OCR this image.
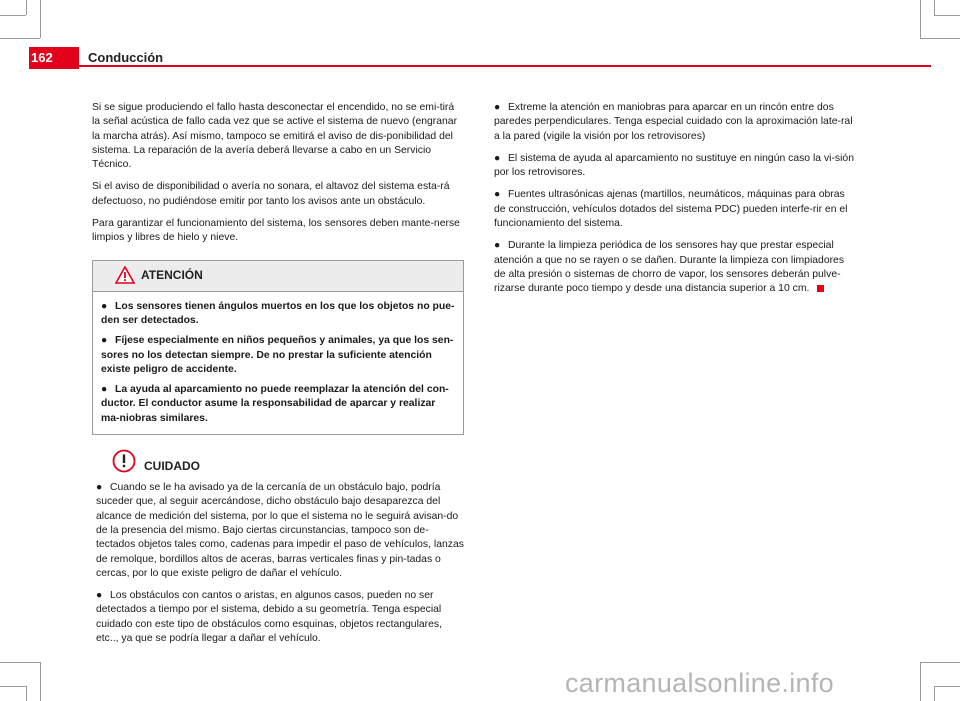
162	Conducción

Si se sigue produciendo el fallo hasta desconectar el encendido, no se emi-tirá la señal acústica de fallo cada vez que se active el sistema de nuevo (engranar la marcha atrás). Así mismo, tampoco se emitirá el aviso de dis-ponibilidad del sistema. La reparación de la avería deberá llevarse a cabo en un Servicio Técnico.

Si el aviso de disponibilidad o avería no sonara, el altavoz del sistema esta-rá defectuoso, no pudiéndose emitir por tanto los avisos ante un obstáculo.

Para garantizar el funcionamiento del sistema, los sensores deben mante-nerse limpios y libres de hielo y nieve.

ATENCIÓN

● Los sensores tienen ángulos muertos en los que los objetos no pue-den ser detectados.

● Fíjese especialmente en niños pequeños y animales, ya que los sen-sores no los detectan siempre. De no prestar la suficiente atención existe peligro de accidente.

● La ayuda al aparcamiento no puede reemplazar la atención del con-ductor. El conductor asume la responsabilidad de aparcar y realizar ma-niobras similares.

CUIDADO

● Cuando se le ha avisado ya de la cercanía de un obstáculo bajo, podría suceder que, al seguir acercándose, dicho obstáculo bajo desaparezca del alcance de medición del sistema, por lo que el sistema no le seguirá avisan-do de la presencia del mismo. Bajo ciertas circunstancias, tampoco son de-tectados objetos tales como, cadenas para impedir el paso de vehículos, lanzas de remolque, bordillos altos de aceras, barras verticales finas y pin-tadas o cercas, por lo que existe peligro de dañar el vehículo.

● Los obstáculos con cantos o aristas, en algunos casos, pueden no ser detectados a tiempo por el sistema, debido a su geometría. Tenga especial cuidado con este tipo de obstáculos como esquinas, objetos rectangulares, etc.., ya que se podría llegar a dañar el vehículo.

● Extreme la atención en maniobras para aparcar en un rincón entre dos paredes perpendiculares. Tenga especial cuidado con la aproximación late-ral a la pared (vigile la visión por los retrovisores)

● El sistema de ayuda al aparcamiento no sustituye en ningún caso la vi-sión por los retrovisores.

● Fuentes ultrasónicas ajenas (martillos, neumáticos, máquinas para obras de construcción, vehículos dotados del sistema PDC) pueden interfe-rir en el funcionamiento del sistema.

● Durante la limpieza periódica de los sensores hay que prestar especial atención a que no se rayen o se dañen. Durante la limpieza con limpiadores de alta presión o sistemas de chorro de vapor, los sensores deberán pulve-rizarse durante poco tiempo y desde una distancia superior a 10 cm.

carmanualsonline.info
